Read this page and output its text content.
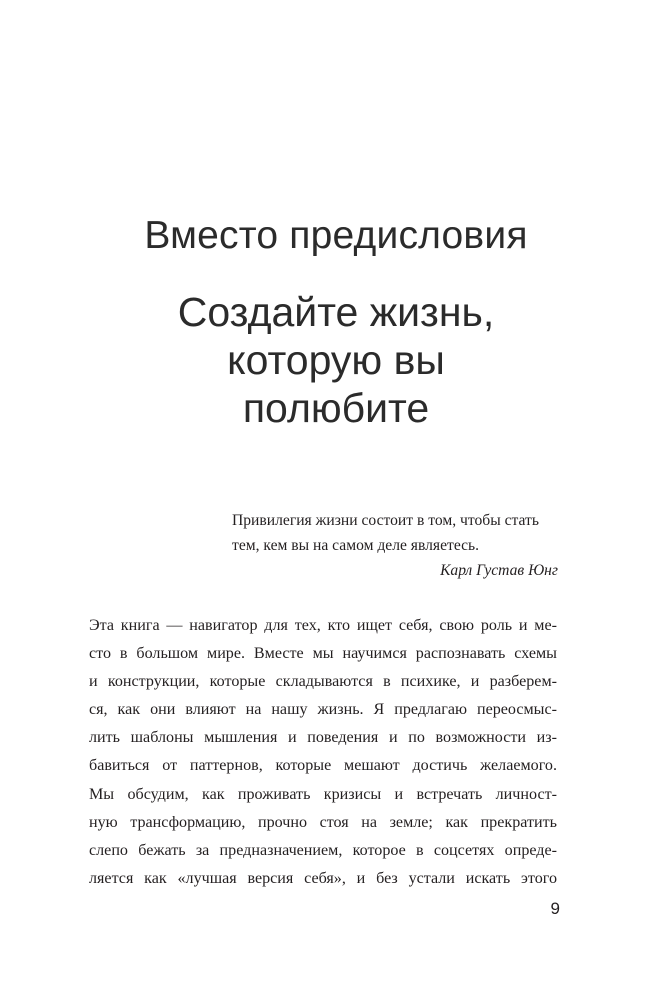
Вместо предисловия
Создайте жизнь,
которую вы
полюбите
Привилегия жизни состоит в том, чтобы стать
тем, кем вы на самом деле являетесь.
Карл Густав Юнг
Эта книга — навигатор для тех, кто ищет себя, свою роль и ме-
сто в большом мире. Вместе мы научимся распознавать схемы
и конструкции, которые складываются в психике, и разберем-
ся, как они влияют на нашу жизнь. Я предлагаю переосмыс-
лить шаблоны мышления и поведения и по возможности из-
бавиться от паттернов, которые мешают достичь желаемого.
Мы обсудим, как проживать кризисы и встречать личност-
ную трансформацию, прочно стоя на земле; как прекратить
слепо бежать за предназначением, которое в соцсетях опреде-
ляется как «лучшая версия себя», и без устали искать этого
9
